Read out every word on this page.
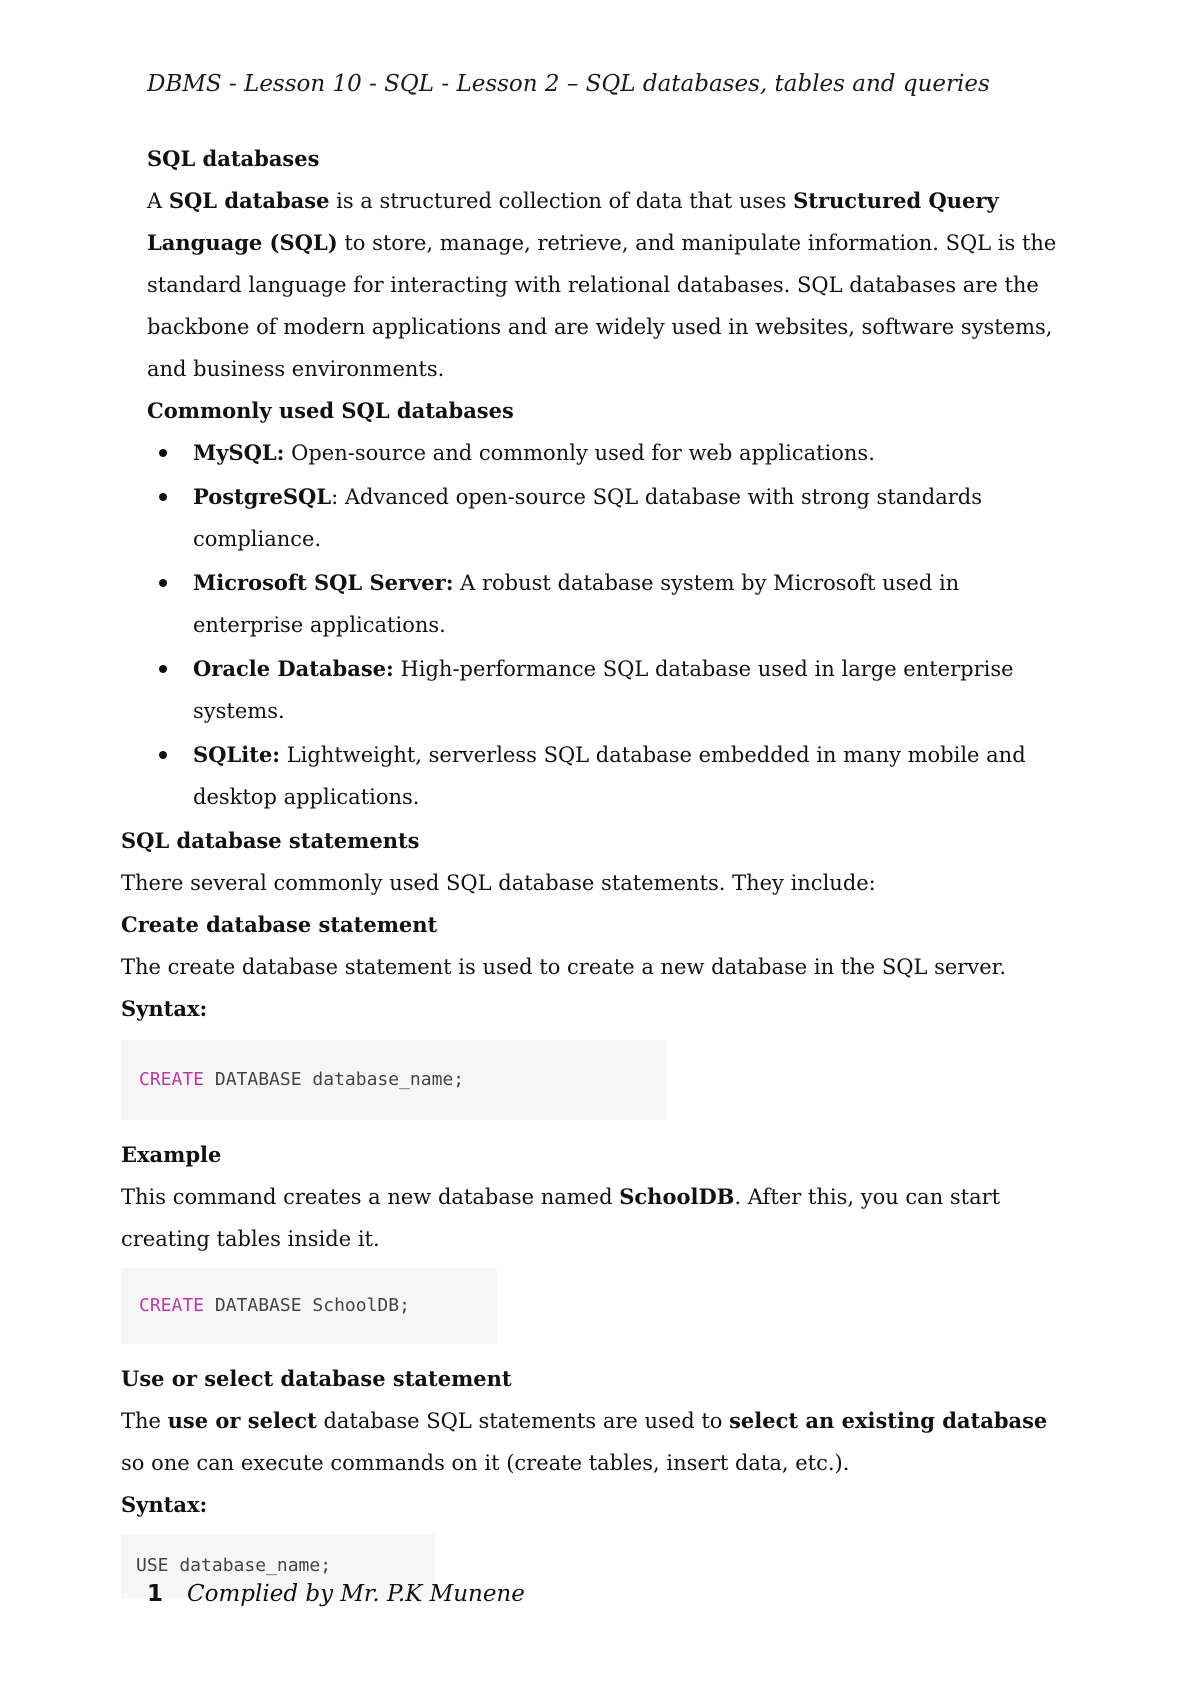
DBMS - Lesson 10 - SQL - Lesson 2 – SQL databases, tables and queries

SQL databases

A SQL database is a structured collection of data that uses Structured Query Language (SQL) to store, manage, retrieve, and manipulate information. SQL is the standard language for interacting with relational databases. SQL databases are the backbone of modern applications and are widely used in websites, software systems, and business environments.

Commonly used SQL databases

MySQL: Open-source and commonly used for web applications.
PostgreSQL: Advanced open-source SQL database with strong standards compliance.
Microsoft SQL Server: A robust database system by Microsoft used in enterprise applications.
Oracle Database: High-performance SQL database used in large enterprise systems.
SQLite: Lightweight, serverless SQL database embedded in many mobile and desktop applications.

SQL database statements

There several commonly used SQL database statements. They include:

Create database statement

The create database statement is used to create a new database in the SQL server.

Syntax:

CREATE DATABASE database_name;

Example

This command creates a new database named SchoolDB. After this, you can start creating tables inside it.

CREATE DATABASE SchoolDB;

Use or select database statement

The use or select database SQL statements are used to select an existing database so one can execute commands on it (create tables, insert data, etc.).

Syntax:

USE database_name;
1 Complied by Mr. P.K Munene
